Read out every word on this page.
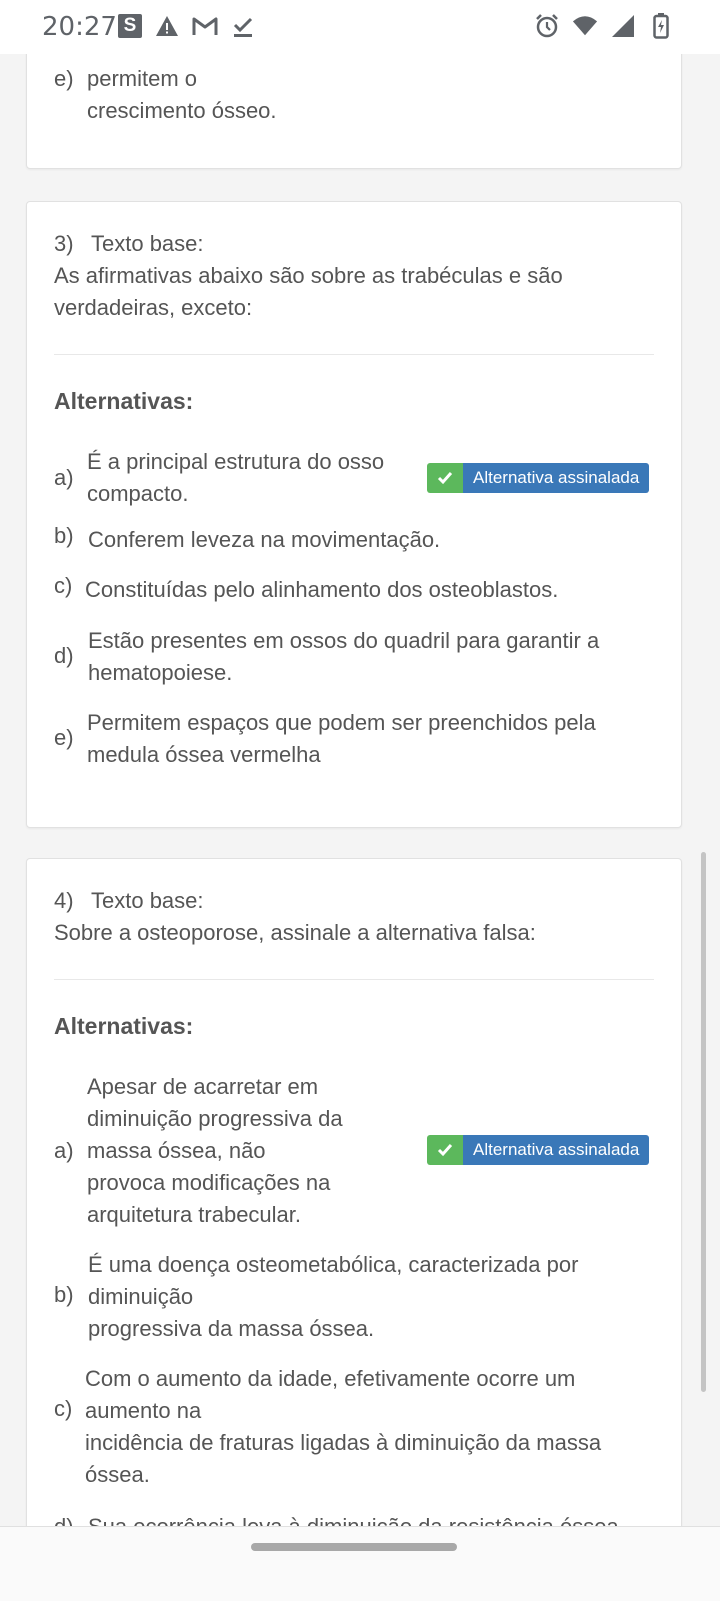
20:27 S
e) permitem o
crescimento ósseo.
3) Texto base:
As afirmativas abaixo são sobre as trabéculas e são
verdadeiras, exceto:
Alternativas:
a)
É a principal estrutura do osso
compacto.
Alternativa assinalada
b) Conferem leveza na movimentação.
c) Constituídas pelo alinhamento dos osteoblastos.
d)
Estão presentes em ossos do quadril para garantir a
hematopoiese.
e)
Permitem espaços que podem ser preenchidos pela
medula óssea vermelha
4) Texto base:
Sobre a osteoporose, assinale a alternativa falsa:
Alternativas:
a)
Apesar de acarretar em
diminuição progressiva da
massa óssea, não
provoca modificações na
arquitetura trabecular.
Alternativa assinalada
b)
É uma doença osteometabólica, caracterizada por
diminuição
progressiva da massa óssea.
c)
Com o aumento da idade, efetivamente ocorre um
aumento na
incidência de fraturas ligadas à diminuição da massa
óssea.
